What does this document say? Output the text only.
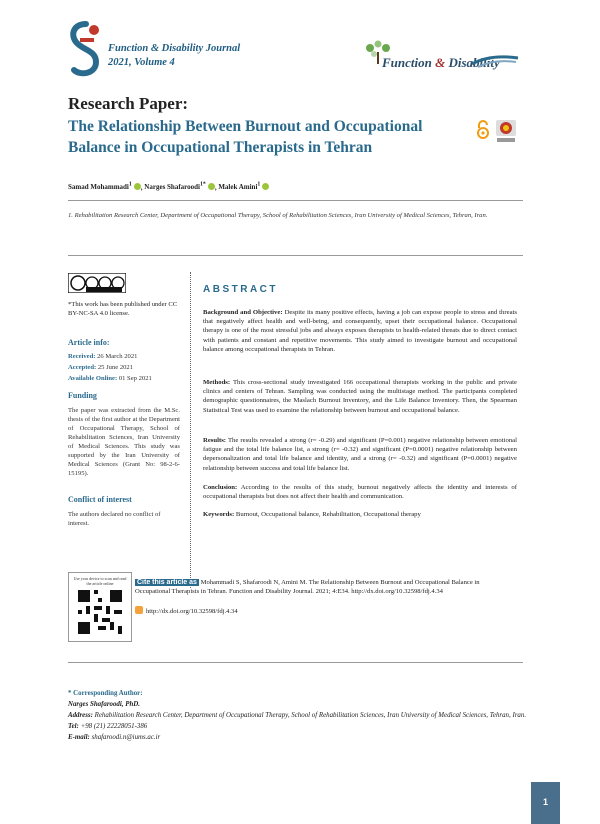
Function & Disability Journal
2021, Volume 4	Function & Disability
Research Paper:
The Relationship Between Burnout and Occupational Balance in Occupational Therapists in Tehran
Samad Mohammadi$^1$ , Narges Shafaroodi$^{1*}$ , Malek Amini$^1$
1. Rehabilitation Research Center, Department of Occupational Therapy, School of Rehabilitation Sciences, Iran University of Medical Sciences, Tehran, Iran.
*This work has been published under CC BY-NC-SA 4.0 license.
Article info:
Received: 26 March 2021
Accepted: 25 June 2021
Available Online: 01 Sep 2021
Funding
The paper was extracted from the M.Sc. thesis of the first author at the Department of Occupational Therapy, School of Rehabilitation Sciences, Iran University of Medical Sciences. This study was supported by the Iran University of Medical Sciences (Grant No: 98-2-6-15195).
Conflict of interest
The authors declared no conflict of interest.
ABSTRACT
Background and Objective: Despite its many positive effects, having a job can expose people to stress and threats that negatively affect health and well-being, and consequently, upset their occupational balance. Occupational therapy is one of the most stressful jobs and always exposes therapists to health-related threats due to direct contact with patients and constant and repetitive movements. This study aimed to investigate burnout and occupational balance among occupational therapists in Tehran.
Methods: This cross-sectional study investigated 166 occupational therapists working in the public and private clinics and centers of Tehran. Sampling was conducted using the multistage method. The participants completed demographic questionnaires, the Maslach Burnout Inventory, and the Life Balance Inventory. Then, the Spearman Statistical Test was used to examine the relationship between burnout and occupational balance.
Results: The results revealed a strong (r= -0.29) and significant (P=0.001) negative relationship between emotional fatigue and the total life balance list, a strong (r= -0.32) and significant (P=0.0001) negative relationship between depersonalization and total life balance and identity, and a strong (r= -0.32) and significant (P=0.0001) negative relationship between success and total life balance list.
Conclusion: According to the results of this study, burnout negatively affects the identity and interests of occupational therapists but does not affect their health and communication.
Keywords: Burnout, Occupational balance, Rehabilitation, Occupational therapy
Use your device to scan and read the article online	Cite this article as Mohammadi S, Shafaroodi N, Amini M. The Relationship Between Burnout and Occupational Balance in Occupational Therapists in Tehran. Function and Disability Journal. 2021; 4:E34. http://dx.doi.org/10.32598/fdj.4.34
http://dx.doi.org/10.32598/fdj.4.34
* Corresponding Author:
Narges Shafaroodi, PhD.
Address: Rehabilitation Research Center, Department of Occupational Therapy, School of Rehabilitation Sciences, Iran University of Medical Sciences, Tehran, Iran.
Tel: +98 (21) 22228051-386
E-mail: shafaroodi.n@iums.ac.ir
1
